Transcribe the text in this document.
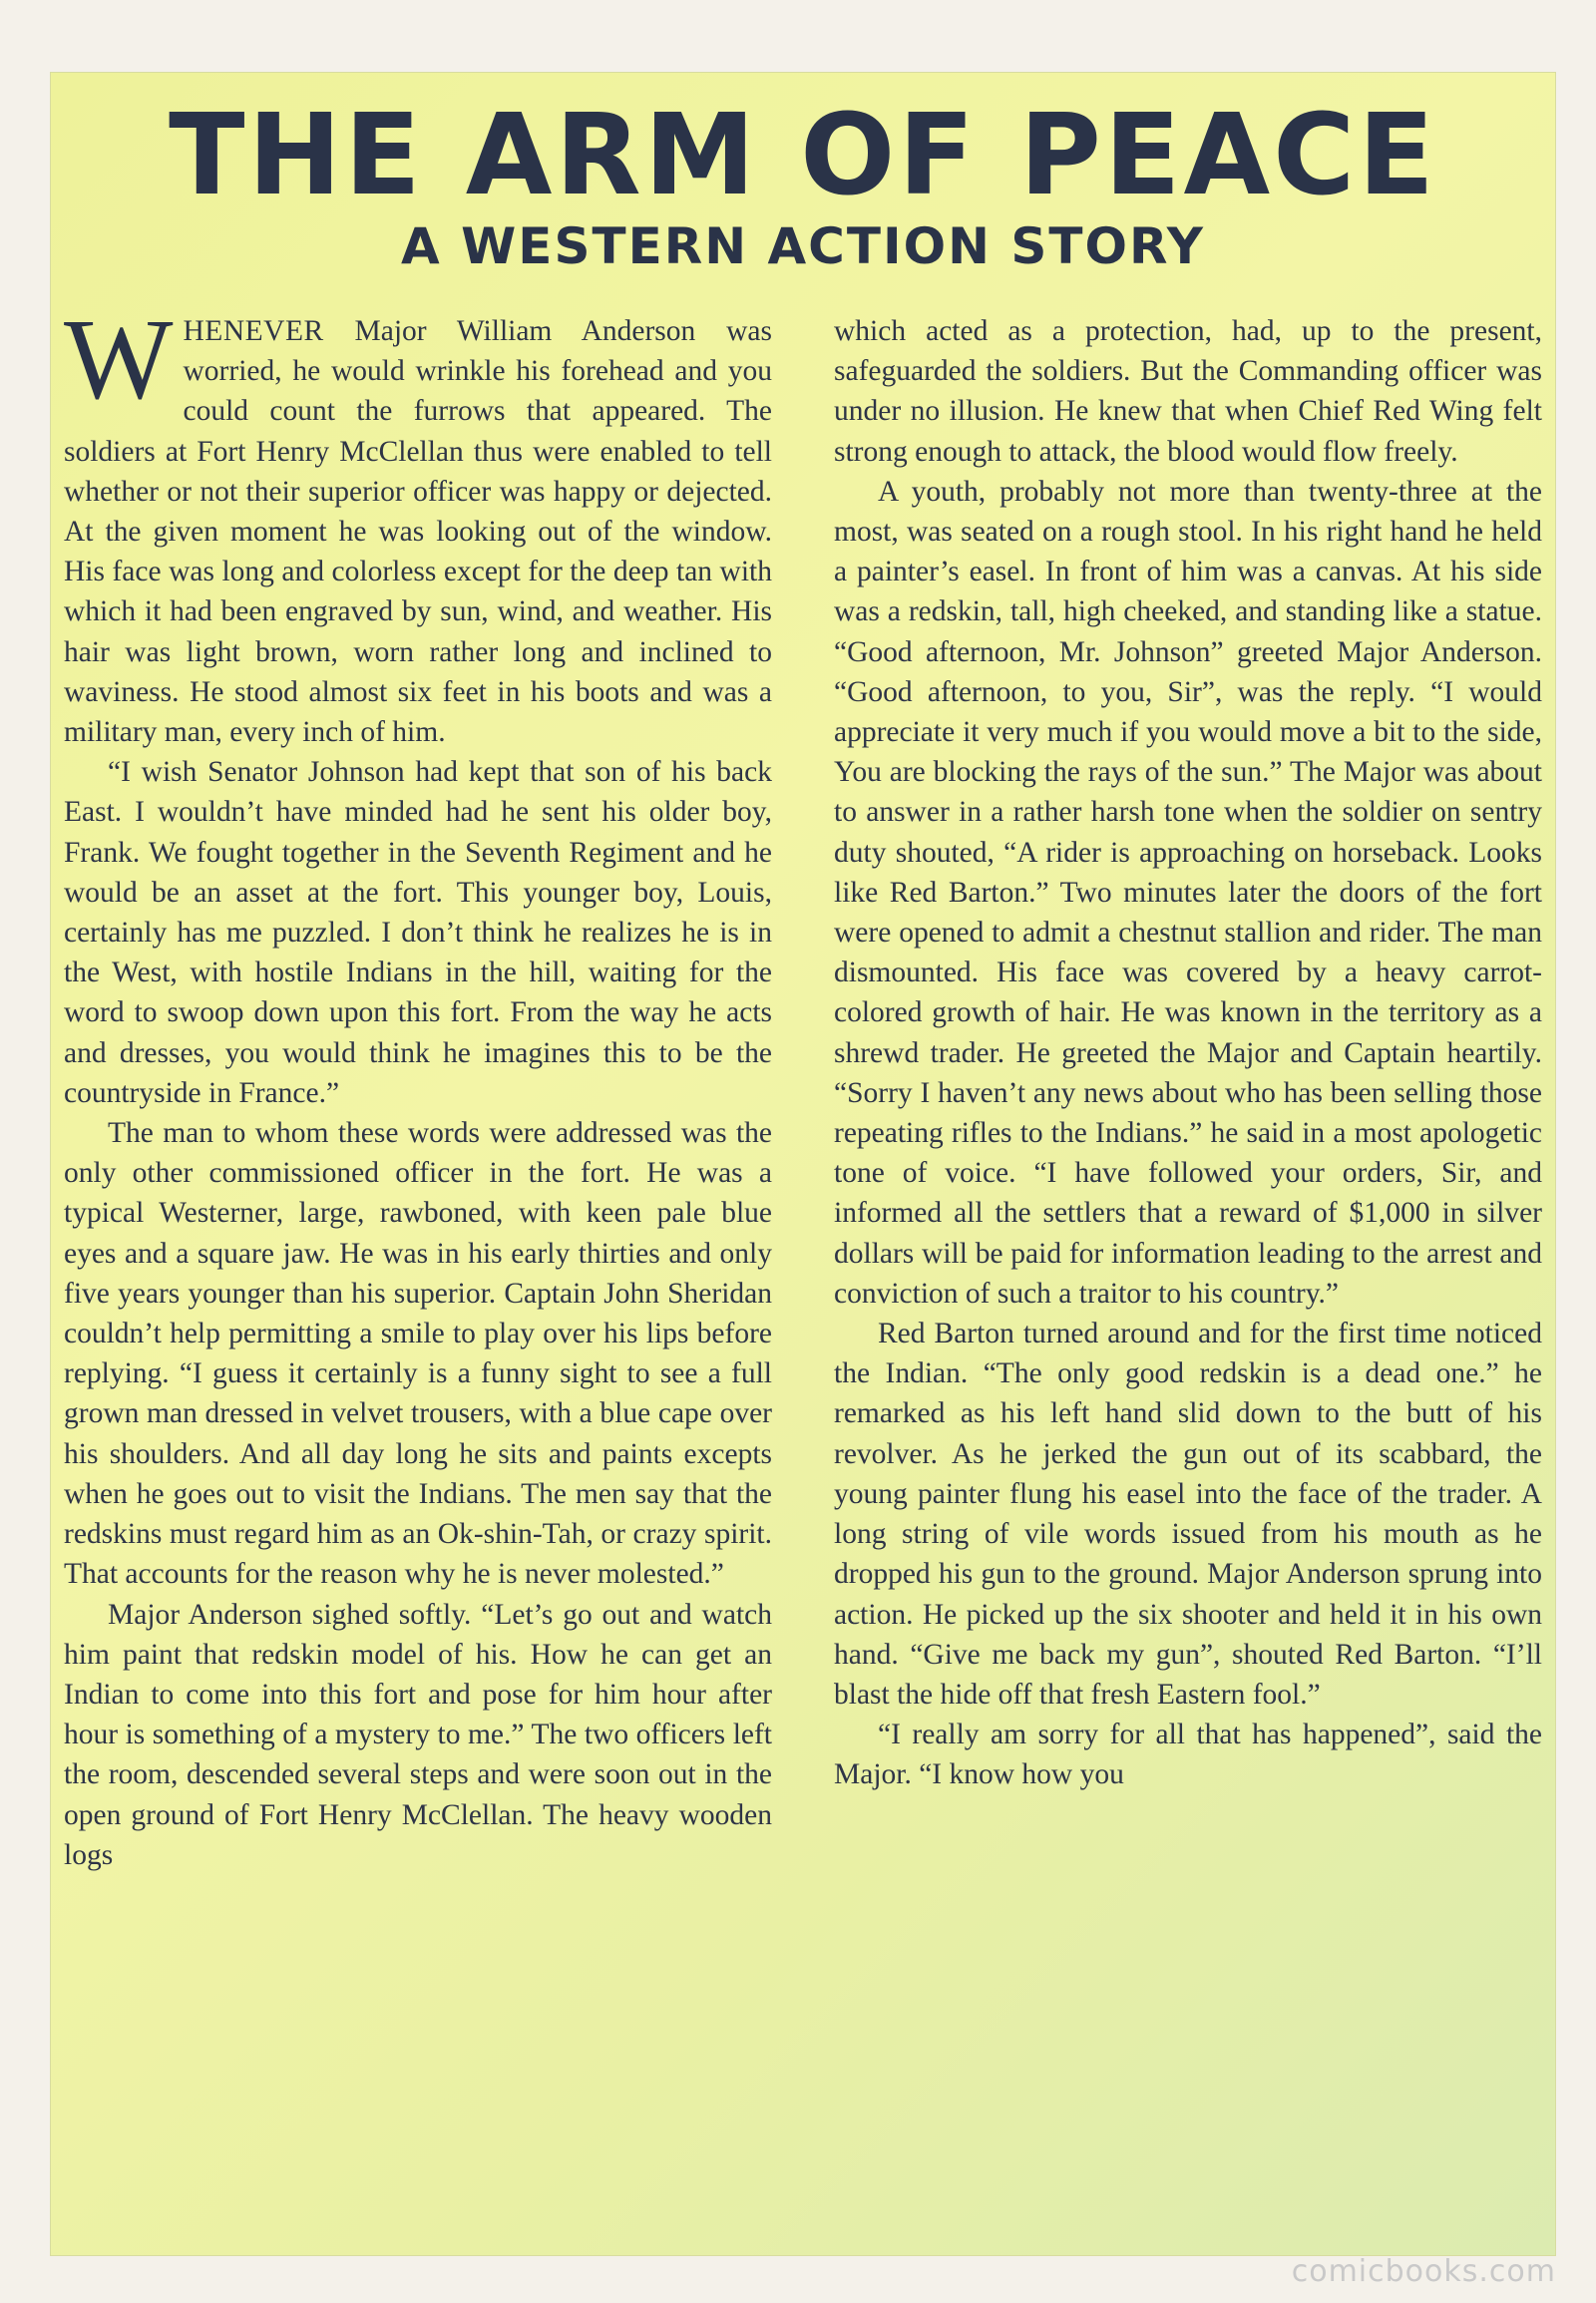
THE ARM OF PEACE
A WESTERN ACTION STORY

WHENEVER Major William Anderson was worried, he would wrinkle his forehead and you could count the furrows that appeared. The soldiers at Fort Henry McClellan thus were enabled to tell whether or not their superior officer was happy or dejected. At the given moment he was looking out of the window. His face was long and colorless except for the deep tan with which it had been engraved by sun, wind, and weather. His hair was light brown, worn rather long and inclined to waviness. He stood almost six feet in his boots and was a military man, every inch of him.

“I wish Senator Johnson had kept that son of his back East. I wouldn’t have minded had he sent his older boy, Frank. We fought together in the Seventh Regiment and he would be an asset at the fort. This younger boy, Louis, certainly has me puzzled. I don’t think he realizes he is in the West, with hostile Indians in the hill, waiting for the word to swoop down upon this fort. From the way he acts and dresses, you would think he imagines this to be the countryside in France.”

The man to whom these words were addressed was the only other commissioned officer in the fort. He was a typical Westerner, large, rawboned, with keen pale blue eyes and a square jaw. He was in his early thirties and only five years younger than his superior. Captain John Sheridan couldn’t help permitting a smile to play over his lips before replying. “I guess it certainly is a funny sight to see a full grown man dressed in velvet trousers, with a blue cape over his shoulders. And all day long he sits and paints excepts when he goes out to visit the Indians. The men say that the redskins must regard him as an Ok-shin-Tah, or crazy spirit. That accounts for the reason why he is never molested.”

Major Anderson sighed softly. “Let’s go out and watch him paint that redskin model of his. How he can get an Indian to come into this fort and pose for him hour after hour is something of a mystery to me.” The two officers left the room, descended several steps and were soon out in the open ground of Fort Henry McClellan. The heavy wooden logs

which acted as a protection, had, up to the present, safeguarded the soldiers. But the Commanding officer was under no illusion. He knew that when Chief Red Wing felt strong enough to attack, the blood would flow freely.

A youth, probably not more than twenty-three at the most, was seated on a rough stool. In his right hand he held a painter’s easel. In front of him was a canvas. At his side was a redskin, tall, high cheeked, and standing like a statue. “Good afternoon, Mr. Johnson” greeted Major Anderson. “Good afternoon, to you, Sir”, was the reply. “I would appreciate it very much if you would move a bit to the side, You are blocking the rays of the sun.” The Major was about to answer in a rather harsh tone when the soldier on sentry duty shouted, “A rider is approaching on horseback. Looks like Red Barton.” Two minutes later the doors of the fort were opened to admit a chestnut stallion and rider. The man dismounted. His face was covered by a heavy carrot-colored growth of hair. He was known in the territory as a shrewd trader. He greeted the Major and Captain heartily. “Sorry I haven’t any news about who has been selling those repeating rifles to the Indians.” he said in a most apologetic tone of voice. “I have followed your orders, Sir, and informed all the settlers that a reward of $1,000 in silver dollars will be paid for information leading to the arrest and conviction of such a traitor to his country.”

Red Barton turned around and for the first time noticed the Indian. “The only good redskin is a dead one.” he remarked as his left hand slid down to the butt of his revolver. As he jerked the gun out of its scabbard, the young painter flung his easel into the face of the trader. A long string of vile words issued from his mouth as he dropped his gun to the ground. Major Anderson sprung into action. He picked up the six shooter and held it in his own hand. “Give me back my gun”, shouted Red Barton. “I’ll blast the hide off that fresh Eastern fool.”

“I really am sorry for all that has happened”, said the Major. “I know how you

comicbooks.com
